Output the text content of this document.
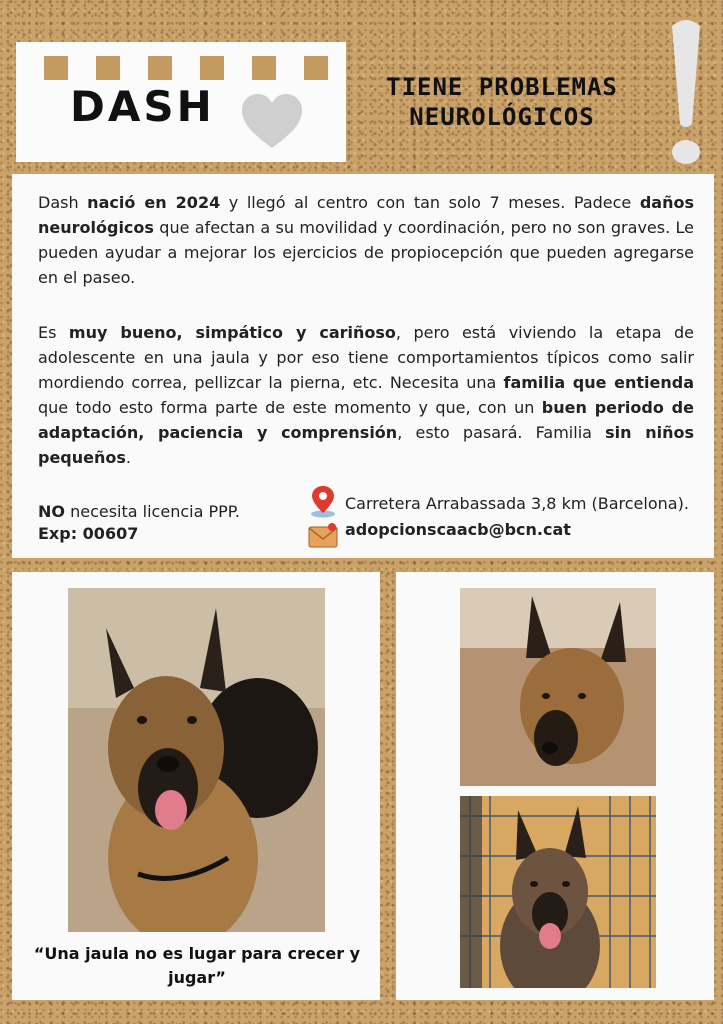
DASH	TIENE PROBLEMAS
NEUROLÓGICOS

Dash nació en 2024 y llegó al centro con tan solo 7 meses. Padece daños neurológicos que afectan a su movilidad y coordinación, pero no son graves. Le pueden ayudar a mejorar los ejercicios de propiocepción que pueden agregarse en el paseo.

Es muy bueno, simpático y cariñoso, pero está viviendo la etapa de adolescente en una jaula y por eso tiene comportamientos típicos como salir mordiendo correa, pellizcar la pierna, etc. Necesita una familia que entienda que todo esto forma parte de este momento y que, con un buen periodo de adaptación, paciencia y comprensión, esto pasará. Familia sin niños pequeños.

NO necesita licencia PPP.
Exp: 00607
Carretera Arrabassada 3,8 km (Barcelona).
adopcionscaacb@bcn.cat

“Una jaula no es lugar para crecer y jugar”
